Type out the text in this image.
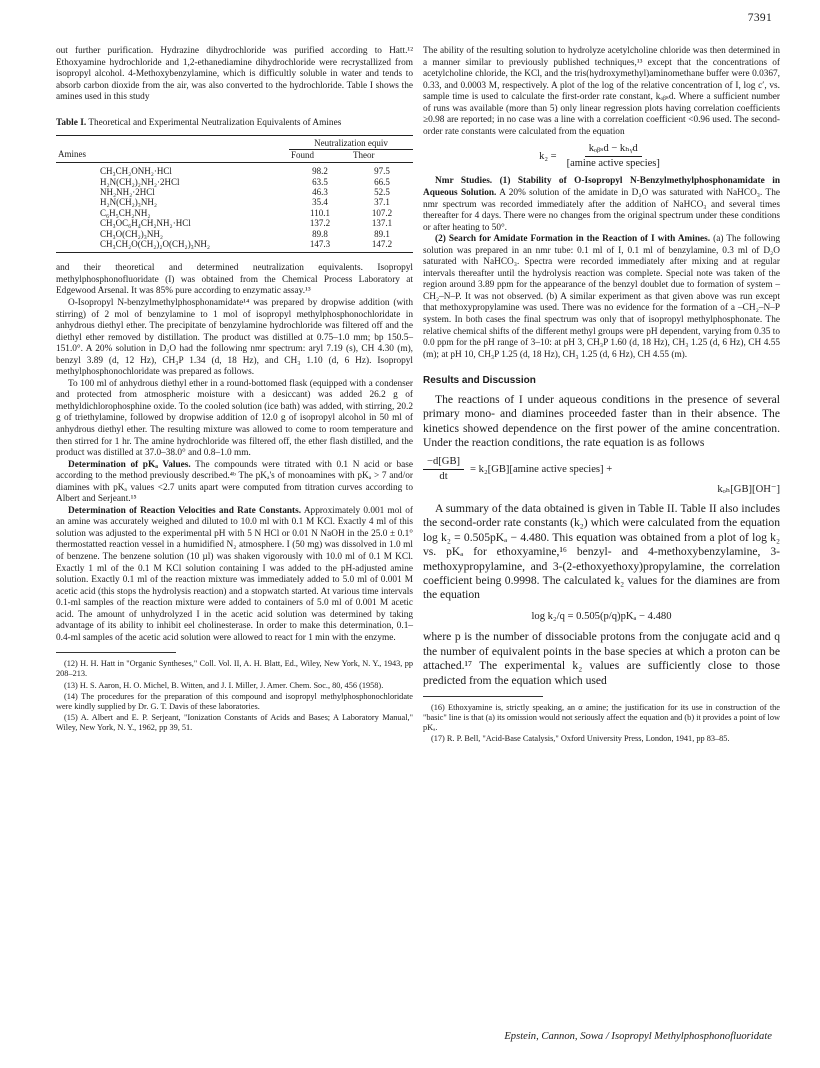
7391

out further purification. Hydrazine dihydrochloride was purified according to Hatt.¹² Ethoxyamine hydrochloride and 1,2-ethanediamine dihydrochloride were recrystallized from isopropyl alcohol. 4-Methoxybenzylamine, which is difficultly soluble in water and tends to absorb carbon dioxide from the air, was also converted to the hydrochloride. Table I shows the amines used in this study

Table I. Theoretical and Experimental Neutralization Equivalents of Amines

	Neutralization equiv	
Amines	Found	Theor
CH₃CH₂ONH₂·HCl	98.2	97.5
H₂N(CH₂)₂NH₂·2HCl	63.5	66.5
NH₂NH₂·2HCl	46.3	52.5
H₂N(CH₂)₃NH₂	35.4	37.1
C₆H₅CH₂NH₂	110.1	107.2
CH₃OC₆H₄CH₂NH₂·HCl	137.2	137.1
CH₃O(CH₂)₃NH₂	89.8	89.1
CH₃CH₂O(CH₂)₂O(CH₂)₃NH₂	147.3	147.2

and their theoretical and determined neutralization equivalents. Isopropyl methylphosphonofluoridate (I) was obtained from the Chemical Process Laboratory at Edgewood Arsenal. It was 85% pure according to enzymatic assay.¹³

O-Isopropyl N-benzylmethylphosphonamidate¹⁴ was prepared by dropwise addition (with stirring) of 2 mol of benzylamine to 1 mol of isopropyl methylphosphonochloridate in anhydrous diethyl ether. The precipitate of benzylamine hydrochloride was filtered off and the diethyl ether removed by distillation. The product was distilled at 0.75–1.0 mm; bp 150.5–151.0°. A 20% solution in D₂O had the following nmr spectrum: aryl 7.19 (s), CH 4.30 (m), benzyl 3.89 (d, 12 Hz), CH₃P 1.34 (d, 18 Hz), and CH₃ 1.10 (d, 6 Hz). Isopropyl methylphosphonochloridate was prepared as follows.

To 100 ml of anhydrous diethyl ether in a round-bottomed flask (equipped with a condenser and protected from atmospheric moisture with a desiccant) was added 26.2 g of methyldichlorophosphine oxide. To the cooled solution (ice bath) was added, with stirring, 20.2 g of triethylamine, followed by dropwise addition of 12.0 g of isopropyl alcohol in 50 ml of anhydrous diethyl ether. The resulting mixture was allowed to come to room temperature and then stirred for 1 hr. The amine hydrochloride was filtered off, the ether flash distilled, and the product was distilled at 37.0–38.0° and 0.8–1.0 mm.

Determination of pKₐ Values. The compounds were titrated with 0.1 N acid or base according to the method previously described.⁴ᵇ The pKₐ's of monoamines with pKₐ > 7 and/or diamines with pKₐ values <2.7 units apart were computed from titration curves according to Albert and Serjeant.¹⁵

Determination of Reaction Velocities and Rate Constants. Approximately 0.001 mol of an amine was accurately weighed and diluted to 10.0 ml with 0.1 M KCl. Exactly 4 ml of this solution was adjusted to the experimental pH with 5 N HCl or 0.01 N NaOH in the 25.0 ± 0.1° thermostatted reaction vessel in a humidified N₂ atmosphere. I (50 mg) was dissolved in 1.0 ml of benzene. The benzene solution (10 µl) was shaken vigorously with 10.0 ml of 0.1 M KCl. Exactly 1 ml of the 0.1 M KCl solution containing I was added to the pH-adjusted amine solution. Exactly 0.1 ml of the reaction mixture was immediately added to 5.0 ml of 0.001 M acetic acid (this stops the hydrolysis reaction) and a stopwatch started. At various time intervals 0.1-ml samples of the reaction mixture were added to containers of 5.0 ml of 0.001 M acetic acid. The amount of unhydrolyzed I in the acetic acid solution was determined by taking advantage of its ability to inhibit eel cholinesterase. In order to make this determination, 0.1–0.4-ml samples of the acetic acid solution were allowed to react for 1 min with the enzyme.

(12) H. H. Hatt in "Organic Syntheses," Coll. Vol. II, A. H. Blatt, Ed., Wiley, New York, N. Y., 1943, pp 208–213.

(13) H. S. Aaron, H. O. Michel, B. Witten, and J. I. Miller, J. Amer. Chem. Soc., 80, 456 (1958).

(14) The procedures for the preparation of this compound and isopropyl methylphosphonochloridate were kindly supplied by Dr. G. T. Davis of these laboratories.

(15) A. Albert and E. P. Serjeant, "Ionization Constants of Acids and Bases; A Laboratory Manual," Wiley, New York, N. Y., 1962, pp 39, 51.

The ability of the resulting solution to hydrolyze acetylcholine chloride was then determined in a manner similar to previously published techniques,¹³ except that the concentrations of acetylcholine chloride, the KCl, and the tris(hydroxymethyl)aminomethane buffer were 0.0367, 0.33, and 0.0003 M, respectively. A plot of the log of the relative concentration of I, log c′, vs. sample time is used to calculate the first-order rate constant, kₒᵦₛd. Where a sufficient number of runs was available (more than 5) only linear regression plots having correlation coefficients ≥0.98 are reported; in no case was a line with a correlation coefficient <0.96 used. The second-order rate constants were calculated from the equation

$k_2 = \frac{\text{kₒᵦₛd − kₕᵧd}}{\text{[amine active species]}}$

Nmr Studies. (1) Stability of O-Isopropyl N-Benzylmethylphosphonamidate in Aqueous Solution. A 20% solution of the amidate in D₂O was saturated with NaHCO₃. The nmr spectrum was recorded immediately after the addition of NaHCO₃ and several times thereafter for 4 days. There were no changes from the original spectrum under these conditions or after heating to 50°.

(2) Search for Amidate Formation in the Reaction of I with Amines. (a) The following solution was prepared in an nmr tube: 0.1 ml of I, 0.1 ml of benzylamine, 0.3 ml of D₂O saturated with NaHCO₃. Spectra were recorded immediately after mixing and at regular intervals thereafter until the hydrolysis reaction was complete. Special note was taken of the region around 3.89 ppm for the appearance of the benzyl doublet due to formation of system –CH₂–N–P. It was not observed. (b) A similar experiment as that given above was run except that methoxypropylamine was used. There was no evidence for the formation of a –CH₂–N–P system. In both cases the final spectrum was only that of isopropyl methylphosphonate. The relative chemical shifts of the different methyl groups were pH dependent, varying from 0.35 to 0.0 ppm for the pH range of 3–10: at pH 3, CH₃P 1.60 (d, 18 Hz), CH₃ 1.25 (d, 6 Hz), CH 4.55 (m); at pH 10, CH₃P 1.25 (d, 18 Hz), CH₃ 1.25 (d, 6 Hz), CH 4.55 (m).

Results and Discussion

The reactions of I under aqueous conditions in the presence of several primary mono- and diamines proceeded faster than in their absence. The kinetics showed dependence on the first power of the amine concentration. Under the reaction conditions, the rate equation is as follows

$\frac{-d[GB]}{dt} = k_2[GB][amine$ active species] +
kₒₕ[GB][OH⁻]

A summary of the data obtained is given in Table II. Table II also includes the second-order rate constants (k₂) which were calculated from the equation log k₂ = 0.505pKₐ − 4.480. This equation was obtained from a plot of log k₂ vs. pKₐ for ethoxyamine,¹⁶ benzyl- and 4-methoxybenzylamine, 3-methoxypropylamine, and 3-(2-ethoxyethoxy)propylamine, the correlation coefficient being 0.9998. The calculated k₂ values for the diamines are from the equation

log k₂/q = 0.505(p/q)pKₐ − 4.480

where p is the number of dissociable protons from the conjugate acid and q the number of equivalent points in the base species at which a proton can be attached.¹⁷ The experimental k₂ values are sufficiently close to those predicted from the equation which used

(16) Ethoxyamine is, strictly speaking, an α amine; the justification for its use in construction of the "basic" line is that (a) its omission would not seriously affect the equation and (b) it provides a point of low pKₐ.

(17) R. P. Bell, "Acid-Base Catalysis," Oxford University Press, London, 1941, pp 83–85.

Epstein, Cannon, Sowa / Isopropyl Methylphosphonofluoridate
